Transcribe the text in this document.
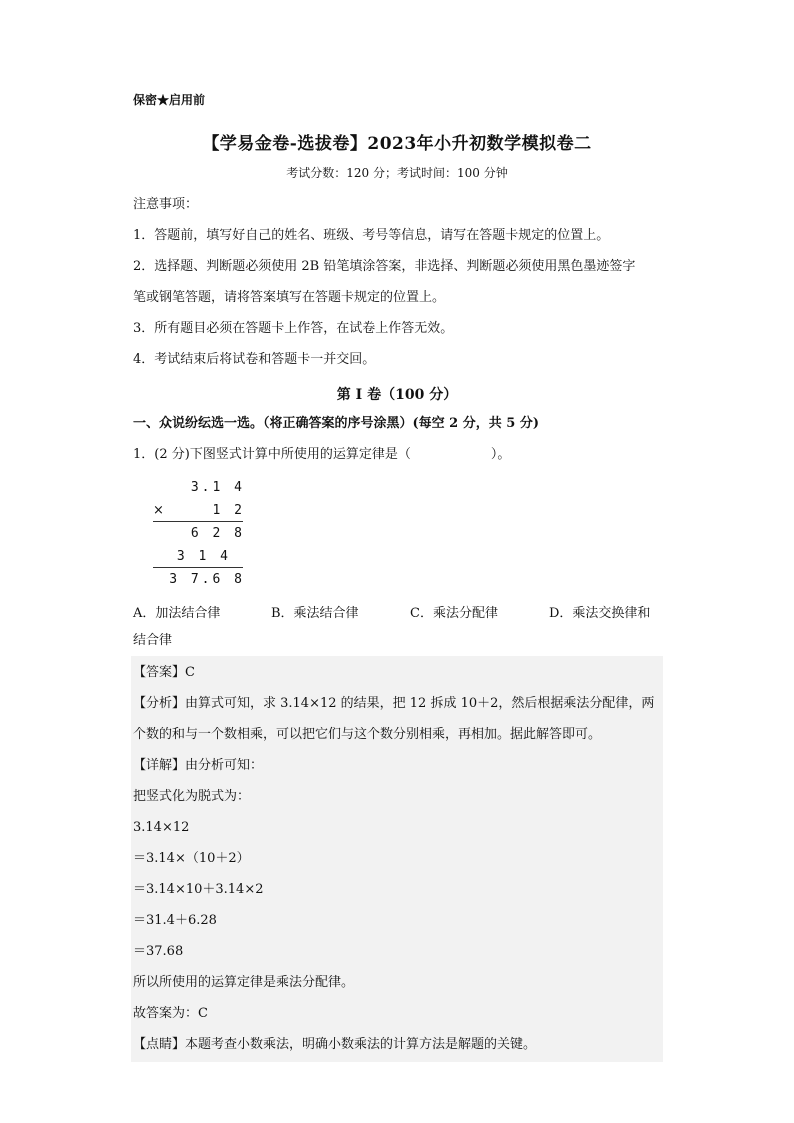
保密★启用前
【学易金卷-选拔卷】2023年小升初数学模拟卷二
考试分数：120 分；考试时间：100 分钟
注意事项：
1．答题前，填写好自己的姓名、班级、考号等信息，请写在答题卡规定的位置上。
2．选择题、判断题必须使用 2B 铅笔填涂答案，非选择、判断题必须使用黑色墨迹签字
笔或钢笔答题，请将答案填写在答题卡规定的位置上。
3．所有题目必须在答题卡上作答，在试卷上作答无效。
4．考试结束后将试卷和答题卡一并交回。
第 I 卷（100 分）
一、众说纷纭选一选。（将正确答案的序号涂黑）(每空 2 分，共 5 分)
1．(2 分)下图竖式计算中所使用的运算定律是（	）。
3.1 4
×	1 2
6 2 8
3 1 4
3 7.6 8
A．加法结合律	B．乘法结合律	C．乘法分配律	D．乘法交换律和
结合律
【答案】C
【分析】由算式可知，求 3.14×12 的结果，把 12 拆成 10＋2，然后根据乘法分配律，两
个数的和与一个数相乘，可以把它们与这个数分别相乘，再相加。据此解答即可。
【详解】由分析可知：
把竖式化为脱式为：
3.14×12
＝3.14×（10＋2）
＝3.14×10＋3.14×2
＝31.4＋6.28
＝37.68
所以所使用的运算定律是乘法分配律。
故答案为：C
【点睛】本题考查小数乘法，明确小数乘法的计算方法是解题的关键。
